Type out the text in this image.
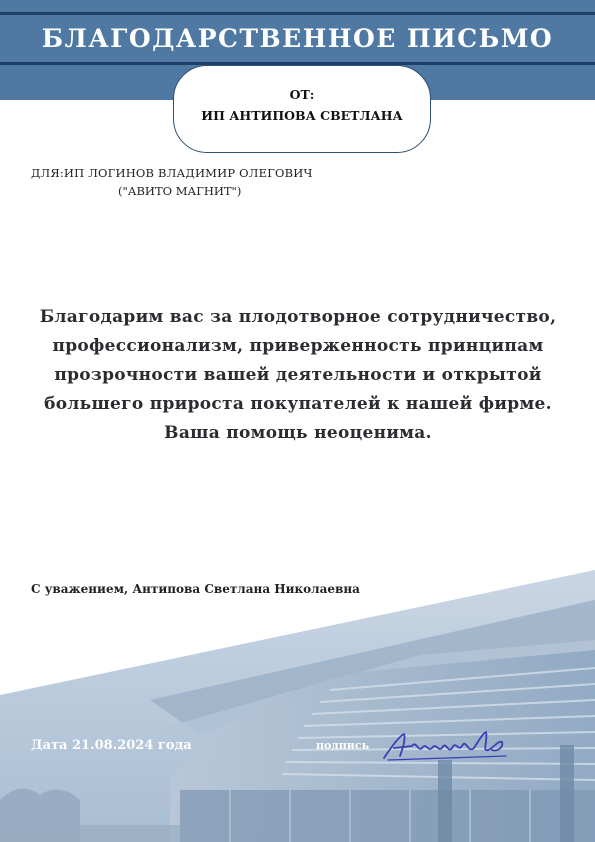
БЛАГОДАРСТВЕННОЕ ПИСЬМО
ОТ:
ИП АНТИПОВА СВЕТЛАНА
ДЛЯ:ИП ЛОГИНОВ ВЛАДИМИР ОЛЕГОВИЧ
("АВИТО МАГНИТ")
Благодарим вас за плодотворное сотрудничество,
профессионализм, приверженность принципам
прозрочности вашей деятельности и открытой
большего прироста покупателей к нашей фирме.
Ваша помощь неоценима.
С уважением, Антипова Светлана Николаевна
Дата 21.08.2024 года	подпись
